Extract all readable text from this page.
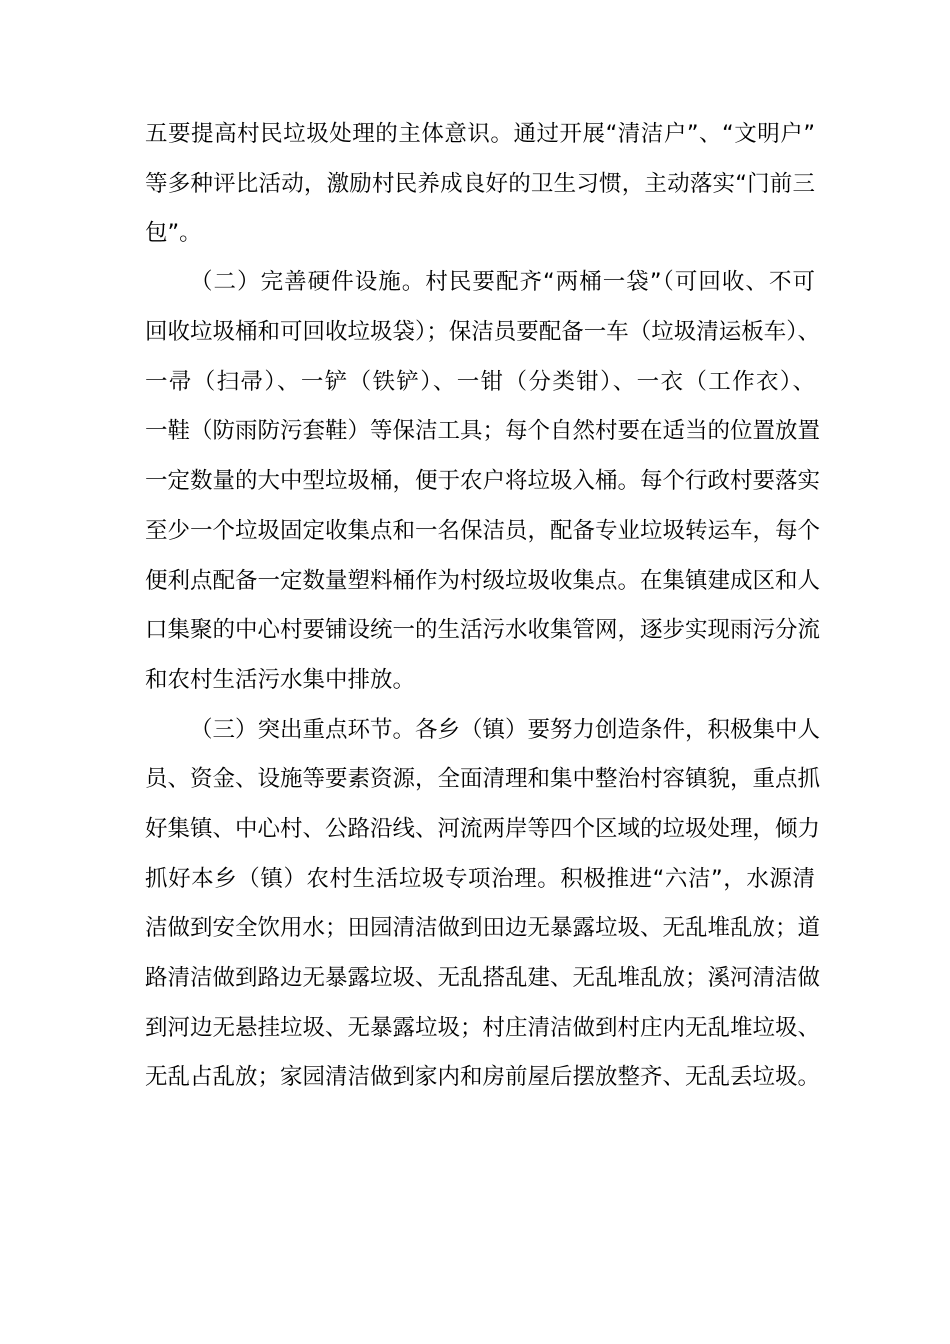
五要提高村民垃圾处理的主体意识。通过开展“清洁户”、“文明户”
等多种评比活动，激励村民养成良好的卫生习惯，主动落实“门前三
包”。
（二）完善硬件设施。村民要配齐“两桶一袋”（可回收、不可
回收垃圾桶和可回收垃圾袋）；保洁员要配备一车（垃圾清运板车）、
一帚（扫帚）、一铲（铁铲）、一钳（分类钳）、一衣（工作衣）、
一鞋（防雨防污套鞋）等保洁工具；每个自然村要在适当的位置放置
一定数量的大中型垃圾桶，便于农户将垃圾入桶。每个行政村要落实
至少一个垃圾固定收集点和一名保洁员，配备专业垃圾转运车，每个
便利点配备一定数量塑料桶作为村级垃圾收集点。在集镇建成区和人
口集聚的中心村要铺设统一的生活污水收集管网，逐步实现雨污分流
和农村生活污水集中排放。
（三）突出重点环节。各乡（镇）要努力创造条件，积极集中人
员、资金、设施等要素资源，全面清理和集中整治村容镇貌，重点抓
好集镇、中心村、公路沿线、河流两岸等四个区域的垃圾处理，倾力
抓好本乡（镇）农村生活垃圾专项治理。积极推进“六洁”，水源清
洁做到安全饮用水；田园清洁做到田边无暴露垃圾、无乱堆乱放；道
路清洁做到路边无暴露垃圾、无乱搭乱建、无乱堆乱放；溪河清洁做
到河边无悬挂垃圾、无暴露垃圾；村庄清洁做到村庄内无乱堆垃圾、
无乱占乱放；家园清洁做到家内和房前屋后摆放整齐、无乱丢垃圾。
